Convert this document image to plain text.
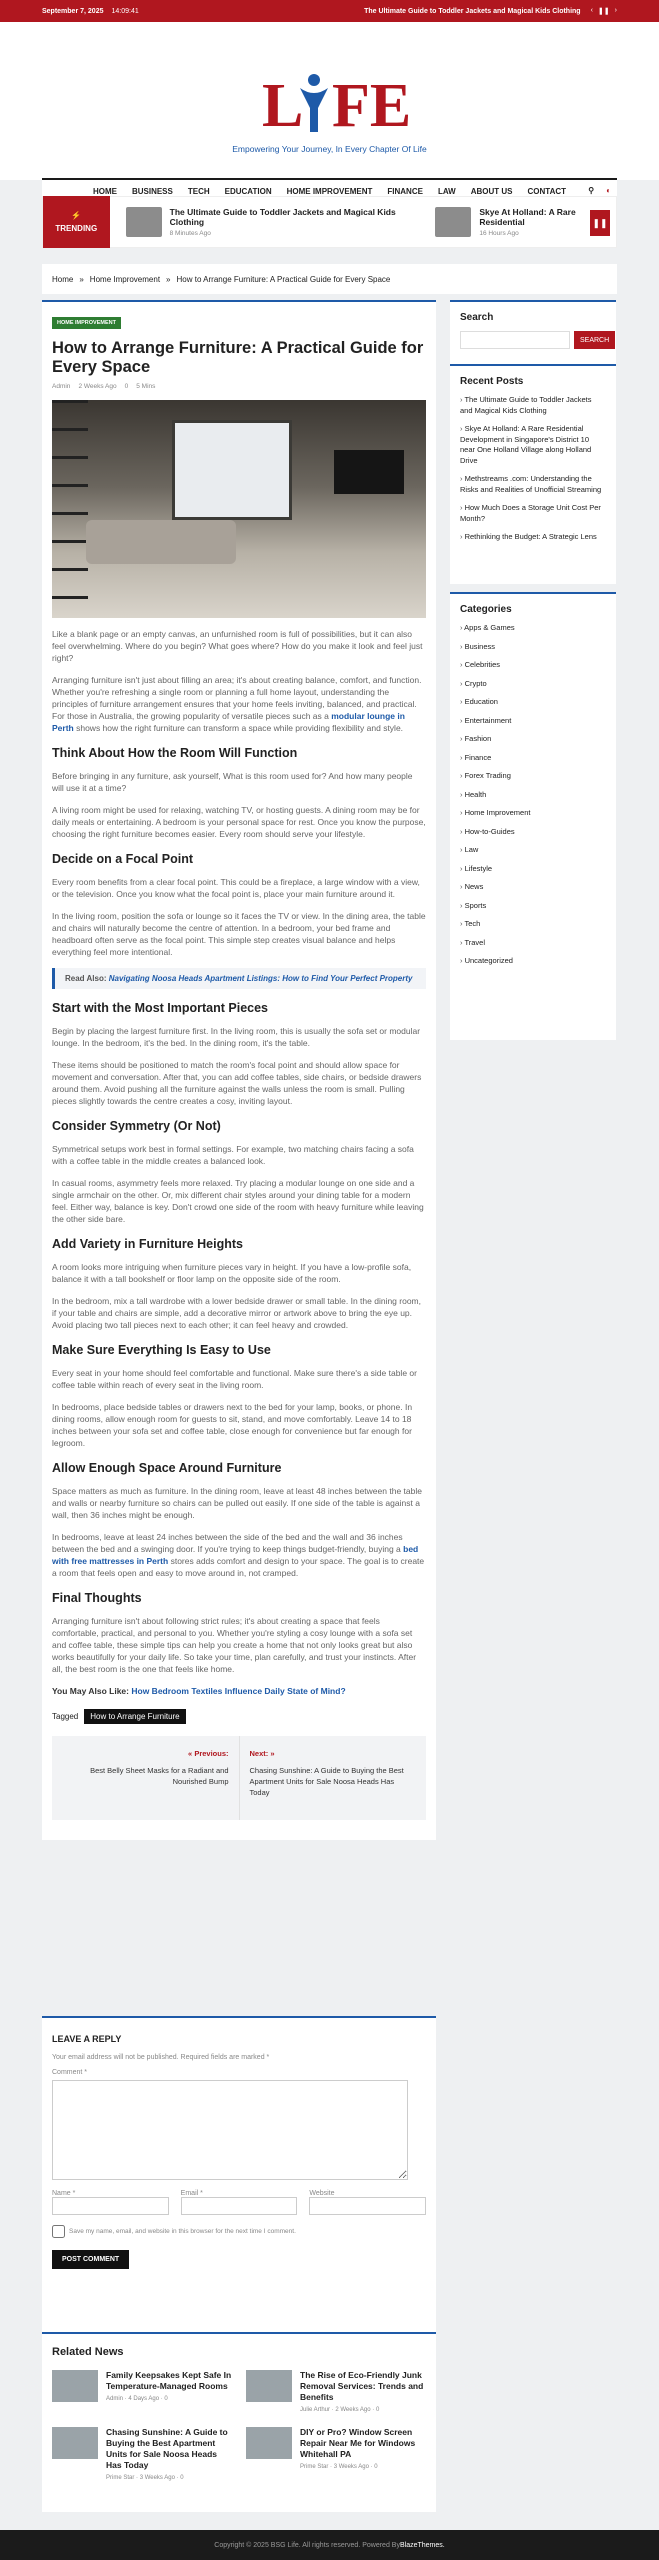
September 7, 2025 14:09:41	The Ultimate Guide to Toddler Jackets and Magical Kids Clothing ‹ ❚❚ ›
L FE
Empowering Your Journey, In Every Chapter Of Life
HOME BUSINESS TECH EDUCATION HOME IMPROVEMENT FINANCE LAW ABOUT US CONTACT	⚲ ◐
⚡
TRENDING
The Ultimate Guide to Toddler Jackets and Magical Kids Clothing
8 Minutes Ago
Skye At Holland: A Rare Residential
16 Hours Ago
❚❚
Home » Home Improvement » How to Arrange Furniture: A Practical Guide for Every Space
HOME IMPROVEMENT
How to Arrange Furniture: A Practical Guide for Every Space
Admin 2 Weeks Ago 0 5 Mins

Like a blank page or an empty canvas, an unfurnished room is full of possibilities, but it can also feel overwhelming. Where do you begin? What goes where? How do you make it look and feel just right?

Arranging furniture isn't just about filling an area; it's about creating balance, comfort, and function. Whether you're refreshing a single room or planning a full home layout, understanding the principles of furniture arrangement ensures that your home feels inviting, balanced, and practical. For those in Australia, the growing popularity of versatile pieces such as a modular lounge in Perth shows how the right furniture can transform a space while providing flexibility and style.

Think About How the Room Will Function

Before bringing in any furniture, ask yourself, What is this room used for? And how many people will use it at a time?

A living room might be used for relaxing, watching TV, or hosting guests. A dining room may be for daily meals or entertaining. A bedroom is your personal space for rest. Once you know the purpose, choosing the right furniture becomes easier. Every room should serve your lifestyle.

Decide on a Focal Point

Every room benefits from a clear focal point. This could be a fireplace, a large window with a view, or the television. Once you know what the focal point is, place your main furniture around it.

In the living room, position the sofa or lounge so it faces the TV or view. In the dining area, the table and chairs will naturally become the centre of attention. In a bedroom, your bed frame and headboard often serve as the focal point. This simple step creates visual balance and helps everything feel more intentional.

Read Also: Navigating Noosa Heads Apartment Listings: How to Find Your Perfect Property
Start with the Most Important Pieces

Begin by placing the largest furniture first. In the living room, this is usually the sofa set or modular lounge. In the bedroom, it's the bed. In the dining room, it's the table.

These items should be positioned to match the room's focal point and should allow space for movement and conversation. After that, you can add coffee tables, side chairs, or bedside drawers around them. Avoid pushing all the furniture against the walls unless the room is small. Pulling pieces slightly towards the centre creates a cosy, inviting layout.

Consider Symmetry (Or Not)

Symmetrical setups work best in formal settings. For example, two matching chairs facing a sofa with a coffee table in the middle creates a balanced look.

In casual rooms, asymmetry feels more relaxed. Try placing a modular lounge on one side and a single armchair on the other. Or, mix different chair styles around your dining table for a modern feel. Either way, balance is key. Don't crowd one side of the room with heavy furniture while leaving the other side bare.

Add Variety in Furniture Heights

A room looks more intriguing when furniture pieces vary in height. If you have a low-profile sofa, balance it with a tall bookshelf or floor lamp on the opposite side of the room.

In the bedroom, mix a tall wardrobe with a lower bedside drawer or small table. In the dining room, if your table and chairs are simple, add a decorative mirror or artwork above to bring the eye up. Avoid placing two tall pieces next to each other; it can feel heavy and crowded.

Make Sure Everything Is Easy to Use

Every seat in your home should feel comfortable and functional. Make sure there's a side table or coffee table within reach of every seat in the living room.

In bedrooms, place bedside tables or drawers next to the bed for your lamp, books, or phone. In dining rooms, allow enough room for guests to sit, stand, and move comfortably. Leave 14 to 18 inches between your sofa set and coffee table, close enough for convenience but far enough for legroom.

Allow Enough Space Around Furniture

Space matters as much as furniture. In the dining room, leave at least 48 inches between the table and walls or nearby furniture so chairs can be pulled out easily. If one side of the table is against a wall, then 36 inches might be enough.

In bedrooms, leave at least 24 inches between the side of the bed and the wall and 36 inches between the bed and a swinging door. If you're trying to keep things budget-friendly, buying a bed with free mattresses in Perth stores adds comfort and design to your space. The goal is to create a room that feels open and easy to move around in, not cramped.

Final Thoughts

Arranging furniture isn't about following strict rules; it's about creating a space that feels comfortable, practical, and personal to you. Whether you're styling a cosy lounge with a sofa set and coffee table, these simple tips can help you create a home that not only looks great but also works beautifully for your daily life. So take your time, plan carefully, and trust your instincts. After all, the best room is the one that feels like home.

You May Also Like: How Bedroom Textiles Influence Daily State of Mind?

Tagged	How to Arrange Furniture
« Previous:
Best Belly Sheet Masks for a Radiant and Nourished Bump
Next: »
Chasing Sunshine: A Guide to Buying the Best Apartment Units for Sale Noosa Heads Has Today
Search
SEARCH
Recent Posts
› The Ultimate Guide to Toddler Jackets and Magical Kids Clothing
› Skye At Holland: A Rare Residential Development in Singapore's District 10 near One Holland Village along Holland Drive
› Methstreams .com: Understanding the Risks and Realities of Unofficial Streaming
› How Much Does a Storage Unit Cost Per Month?
› Rethinking the Budget: A Strategic Lens
Categories
› Apps & Games
› Business
› Celebrities
› Crypto
› Education
› Entertainment
› Fashion
› Finance
› Forex Trading
› Health
› Home Improvement
› How-to-Guides
› Law
› Lifestyle
› News
› Sports
› Tech
› Travel
› Uncategorized
LEAVE A REPLY
Your email address will not be published. Required fields are marked *
Comment *
Name *	Email *	Website
Save my name, email, and website in this browser for the next time I comment.
POST COMMENT
Related News
Family Keepsakes Kept Safe In Temperature-Managed Rooms
Admin · 4 Days Ago · 0
The Rise of Eco-Friendly Junk Removal Services: Trends and Benefits
Julie Arthur · 2 Weeks Ago · 0
Chasing Sunshine: A Guide to Buying the Best Apartment Units for Sale Noosa Heads Has Today
Prime Star · 3 Weeks Ago · 0
DIY or Pro? Window Screen Repair Near Me for Windows Whitehall PA
Prime Star · 3 Weeks Ago · 0
Copyright © 2025 BSG Life. All rights reserved. Powered By BlazeThemes.
